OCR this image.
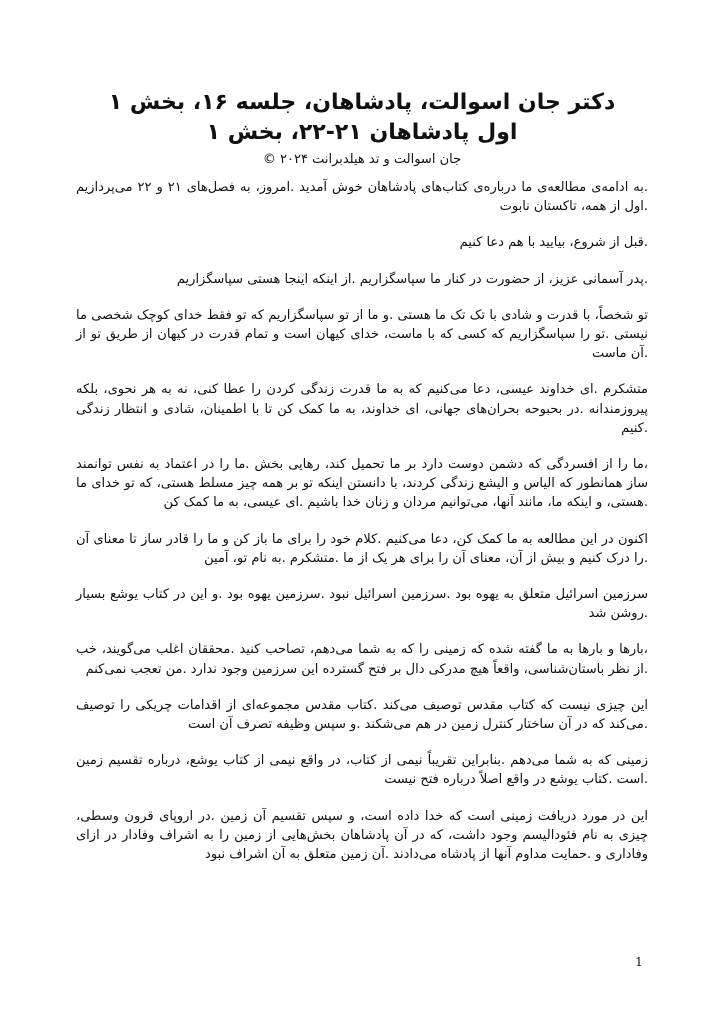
دکتر جان اسوالت، پادشاهان، جلسه ۱۶، بخش ۱
اول پادشاهان ۲۱-۲۲، بخش ۱
جان اسوالت و تد هیلدبرانت ۲۰۲۴ ©

.به ادامه‌ی مطالعه‌ی ما درباره‌ی کتاب‌های پادشاهان خوش آمدید .امروز، به فصل‌های ۲۱ و ۲۲ می‌پردازیم .اول از همه، تاکستان نابوت

.قبل از شروع، بیایید با هم دعا کنیم

.پدر آسمانی عزیز، از حضورت در کنار ما سپاسگزاریم .از اینکه اینجا هستی سپاسگزاریم

تو شخصاً، با قدرت و شادی با تک تک ما هستی .و ما از تو سپاسگزاریم که تو فقط خدای کوچک شخصی ما نیستی .تو را سپاسگزاریم که کسی که با ماست، خدای کیهان است و تمام قدرت در کیهان از طریق تو از .آن ماست

متشکرم .ای خداوند عیسی، دعا می‌کنیم که به ما قدرت زندگی کردن را عطا کنی، نه به هر نحوی، بلکه پیروزمندانه .در بحبوحه بحران‌های جهانی، ای خداوند، به ما کمک کن تا با اطمینان، شادی و انتظار زندگی .کنیم

،ما را از افسردگی که دشمن دوست دارد بر ما تحمیل کند، رهایی بخش .ما را در اعتماد به نفس توانمند ساز همانطور که الیاس و الیشع زندگی کردند، با دانستن اینکه تو بر همه چیز مسلط هستی، که تو خدای ما .هستی، و اینکه ما، مانند آنها، می‌توانیم مردان و زنان خدا باشیم .ای عیسی، به ما کمک کن

اکنون در این مطالعه به ما کمک کن، دعا می‌کنیم .کلام خود را برای ما باز کن و ما را قادر ساز تا معنای آن .را درک کنیم و بیش از آن، معنای آن را برای هر یک از ما .متشکرم .به نام تو، آمین

سرزمین اسرائیل متعلق به یهوه بود .سرزمین اسرائیل نبود .سرزمین یهوه بود .و این در کتاب یوشع بسیار .روشن شد

،بارها و بارها به ما گفته شده که زمینی را که به شما می‌دهم، تصاحب کنید .محققان اغلب می‌گویند، خب .از نظر باستان‌شناسی، واقعاً هیچ مدرکی دال بر فتح گسترده این سرزمین وجود ندارد .من تعجب نمی‌کنم

این چیزی نیست که کتاب مقدس توصیف می‌کند .کتاب مقدس مجموعه‌ای از اقدامات چریکی را توصیف .می‌کند که در آن ساختار کنترل زمین در هم می‌شکند .و سپس وظیفه تصرف آن است

زمینی که به شما می‌دهم .بنابراین تقریباً نیمی از کتاب، در واقع نیمی از کتاب یوشع، درباره تقسیم زمین .است .کتاب یوشع در واقع اصلاً درباره فتح نیست

این در مورد دریافت زمینی است که خدا داده است، و سپس تقسیم آن زمین .در اروپای قرون وسطی، چیزی به نام فئودالیسم وجود داشت، که در آن پادشاهان بخش‌هایی از زمین را به اشراف وفادار در ازای وفاداری و .حمایت مداوم آنها از پادشاه می‌دادند .آن زمین متعلق به آن اشراف نبود

1
